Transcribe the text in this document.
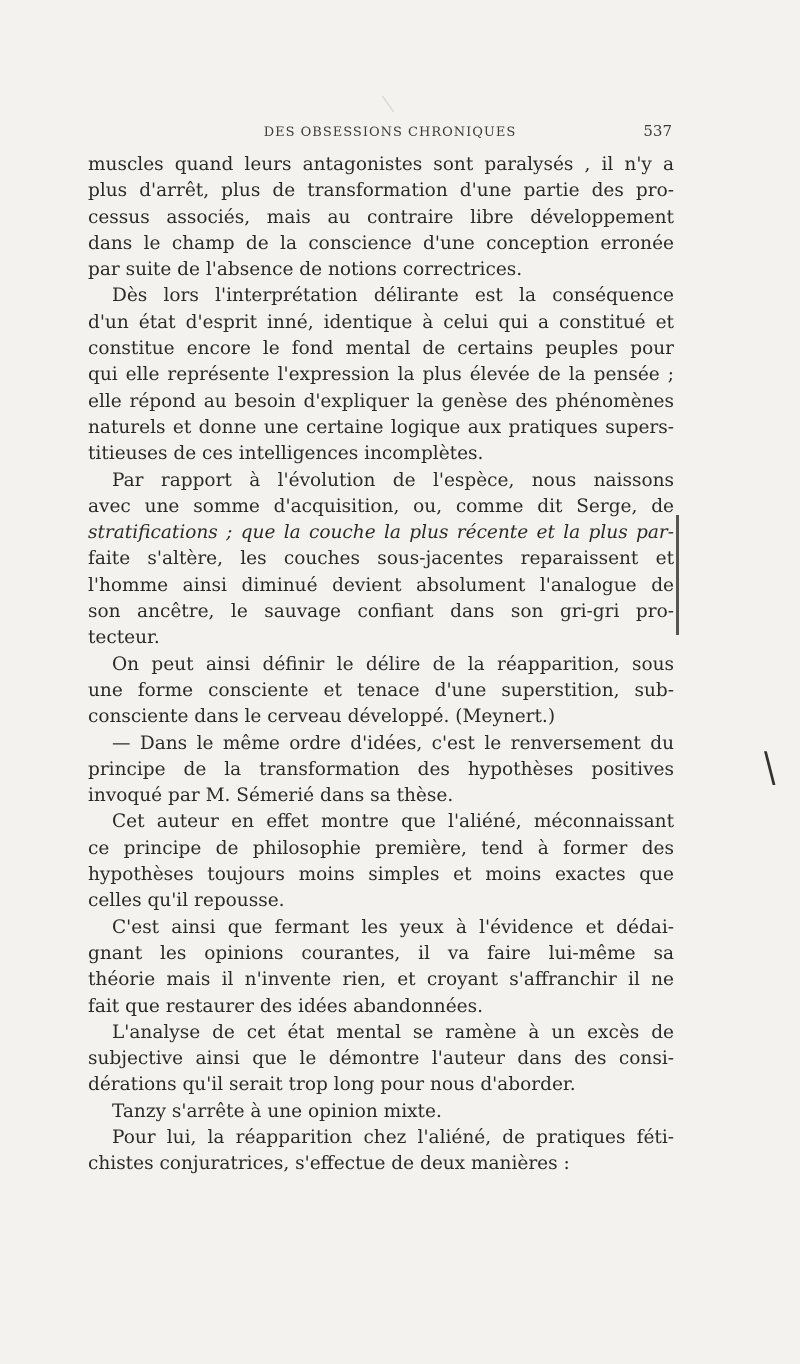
DES OBSESSIONS CHRONIQUES	537
muscles quand leurs antagonistes sont paralysés , il n'y a
plus d'arrêt, plus de transformation d'une partie des pro-
cessus associés, mais au contraire libre développement
dans le champ de la conscience d'une conception erronée
par suite de l'absence de notions correctrices.
Dès lors l'interprétation délirante est la conséquence
d'un état d'esprit inné, identique à celui qui a constitué et
constitue encore le fond mental de certains peuples pour
qui elle représente l'expression la plus élevée de la pensée ;
elle répond au besoin d'expliquer la genèse des phénomènes
naturels et donne une certaine logique aux pratiques supers-
titieuses de ces intelligences incomplètes.
Par rapport à l'évolution de l'espèce, nous naissons
avec une somme d'acquisition, ou, comme dit Serge, de
stratifications ; que la couche la plus récente et la plus par-
faite s'altère, les couches sous-jacentes reparaissent et
l'homme ainsi diminué devient absolument l'analogue de
son ancêtre, le sauvage confiant dans son gri-gri pro-
tecteur.
On peut ainsi définir le délire de la réapparition, sous
une forme consciente et tenace d'une superstition, sub-
consciente dans le cerveau développé. (Meynert.)
— Dans le même ordre d'idées, c'est le renversement du
principe de la transformation des hypothèses positives
invoqué par M. Sémerié dans sa thèse.
Cet auteur en effet montre que l'aliéné, méconnaissant
ce principe de philosophie première, tend à former des
hypothèses toujours moins simples et moins exactes que
celles qu'il repousse.
C'est ainsi que fermant les yeux à l'évidence et dédai-
gnant les opinions courantes, il va faire lui-même sa
théorie mais il n'invente rien, et croyant s'affranchir il ne
fait que restaurer des idées abandonnées.
L'analyse de cet état mental se ramène à un excès de
subjective ainsi que le démontre l'auteur dans des consi-
dérations qu'il serait trop long pour nous d'aborder.
Tanzy s'arrête à une opinion mixte.
Pour lui, la réapparition chez l'aliéné, de pratiques féti-
chistes conjuratrices, s'effectue de deux manières :
\
